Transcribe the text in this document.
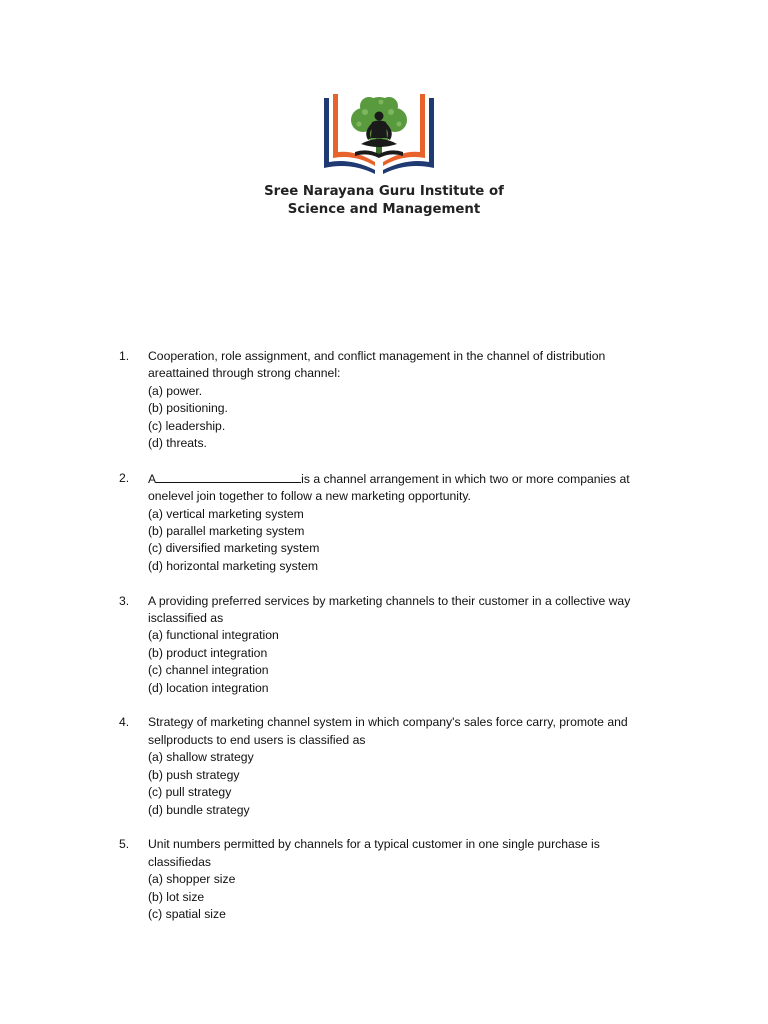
Sree Narayana Guru Institute of
Science and Management
1. Cooperation, role assignment, and conflict management in the channel of distribution areattained through strong channel:
(a) power.
(b) positioning.
(c) leadership.
(d) threats.
2. A	is a channel arrangement in which two or more companies at onelevel join together to follow a new marketing opportunity.
(a) vertical marketing system
(b) parallel marketing system
(c) diversified marketing system
(d) horizontal marketing system
3. A providing preferred services by marketing channels to their customer in a collective way isclassified as
(a) functional integration
(b) product integration
(c) channel integration
(d) location integration
4. Strategy of marketing channel system in which company's sales force carry, promote and sellproducts to end users is classified as
(a) shallow strategy
(b) push strategy
(c) pull strategy
(d) bundle strategy
5. Unit numbers permitted by channels for a typical customer in one single purchase is classifiedas
(a) shopper size
(b) lot size
(c) spatial size
